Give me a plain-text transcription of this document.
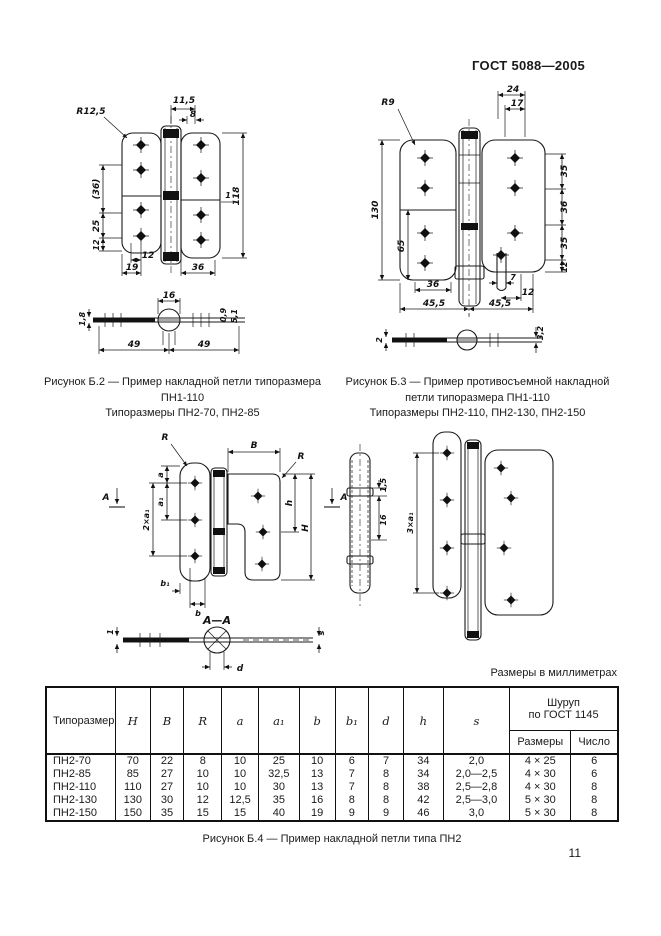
ГОСТ 5088—2005
11,5
8
R12,5
118
1
(36)
25
12
12
19	36
16
1,8	0,9 5,1
49	49
R9
24
17
130
65
35
36
35
12
36
7
12
45,5	45,5
2	3,2
Рисунок Б.2 — Пример накладной петли типоразмера
ПН1-110
Рисунок Б.3 — Пример противосъемной накладной
петли типоразмера ПН1-110
Типоразмеры ПН2-70, ПН2-85	Типоразмеры ПН2-110, ПН2-130, ПН2-150
R
B
R
a
a₁
2×a₁
h
H
b₁
b
А	А
1,5
16 3×a₁
А—А
1	s
d	Размеры в миллиметрах
Типоразмер	H	B	R	a	a₁	b	b₁	d	h	s	Шуруп
по ГОСТ 1145	

											Размеры	Число
ПН2-70	70	22	8	10	25	10	6	7	34	2,0	4 × 25	6
ПН2-85	85	27	10	10	32,5	13	7	8	34	2,0—2,5	4 × 30	6
ПН2-110	110	27	10	10	30	13	7	8	38	2,5—2,8	4 × 30	8
ПН2-130	130	30	12	12,5	35	16	8	8	42	2,5—3,0	5 × 30	8
ПН2-150	150	35	15	15	40	19	9	9	46	3,0	5 × 30	8
Рисунок Б.4 — Пример накладной петли типа ПН2
11
